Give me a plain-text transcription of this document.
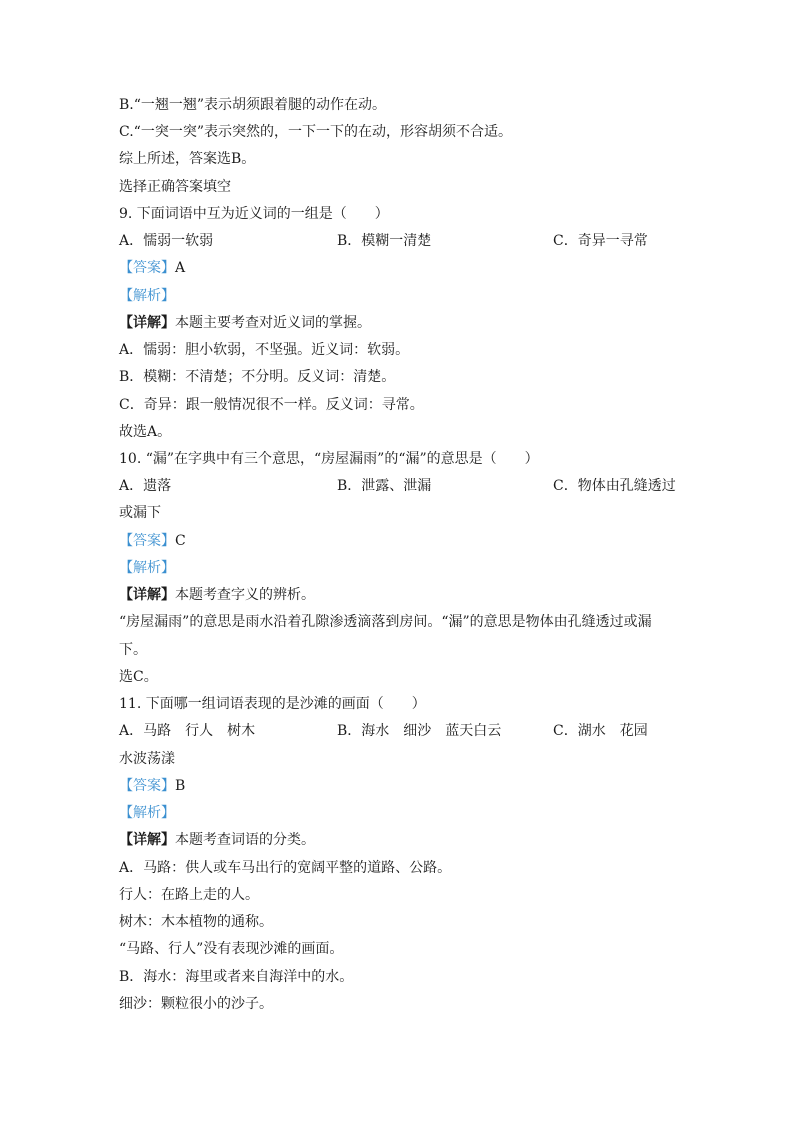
B.“一翘一翘”表示胡须跟着腿的动作在动。
C.“一突一突”表示突然的，一下一下的在动，形容胡须不合适。
综上所述，答案选B。
选择正确答案填空
9. 下面词语中互为近义词的一组是（　　）
A．懦弱一软弱	B．模糊一清楚	C．奇异一寻常
【答案】A
【解析】
【详解】本题主要考查对近义词的掌握。
A．懦弱：胆小软弱，不坚强。近义词：软弱。
B．模糊：不清楚；不分明。反义词：清楚。
C．奇异：跟一般情况很不一样。反义词：寻常。
故选A。
10. “漏”在字典中有三个意思，“房屋漏雨”的“漏”的意思是（　　）
A．遗落	B．泄露、泄漏	C．物体由孔缝透过
或漏下
【答案】C
【解析】
【详解】本题考查字义的辨析。
“房屋漏雨”的意思是雨水沿着孔隙渗透滴落到房间。“漏”的意思是物体由孔缝透过或漏
下。
选C。
11. 下面哪一组词语表现的是沙滩的画面（　　）
A．马路　行人　树木	B．海水　细沙　蓝天白云	C．湖水　花园
水波荡漾
【答案】B
【解析】
【详解】本题考查词语的分类。
A．马路：供人或车马出行的宽阔平整的道路、公路。
行人：在路上走的人。
树木：木本植物的通称。
“马路、行人”没有表现沙滩的画面。
B．海水：海里或者来自海洋中的水。
细沙：颗粒很小的沙子。
